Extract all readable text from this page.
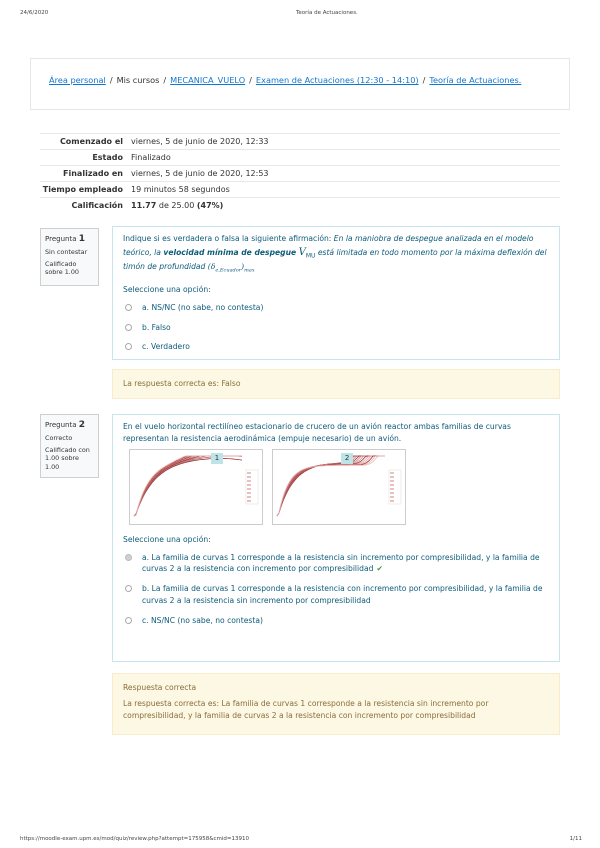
24/6/2020	Teoría de Actuaciones.
Área personal / Mis cursos / MECANICA_VUELO / Examen de Actuaciones (12:30 - 14:10) / Teoría de Actuaciones.
Comenzado el	viernes, 5 de junio de 2020, 12:33
Estado	Finalizado
Finalizado en	viernes, 5 de junio de 2020, 12:53
Tiempo empleado	19 minutos 58 segundos
Calificación	11.77 de 25.00 (47%)
Pregunta 1
Sin contestar
Calificado sobre 1.00
Indique si es verdadera o falsa la siguiente afirmación: En la maniobra de despegue analizada en el modelo teórico, la velocidad mínima de despegue $V_{MU}$ está limitada en todo momento por la máxima deflexión del timón de profundidad $(\delta_{e,Ecuador})_{max}$
Seleccione una opción:
a. NS/NC (no sabe, no contesta)
b. Falso
c. Verdadero
La respuesta correcta es: Falso
Pregunta 2
Correcto
Calificado con 1.00 sobre 1.00
En el vuelo horizontal rectilíneo estacionario de crucero de un avión reactor ambas familias de curvas representan la resistencia aerodinámica (empuje necesario) de un avión.
1
	2
Seleccione una opción:
a. La familia de curvas 1 corresponde a la resistencia sin incremento por compresibilidad, y la familia de curvas 2 a la resistencia con incremento por compresibilidad ✔
b. La familia de curvas 1 corresponde a la resistencia con incremento por compresibilidad, y la familia de curvas 2 a la resistencia sin incremento por compresibilidad
c. NS/NC (no sabe, no contesta)
Respuesta correcta
La respuesta correcta es: La familia de curvas 1 corresponde a la resistencia sin incremento por compresibilidad, y la familia de curvas 2 a la resistencia con incremento por compresibilidad
https://moodle-exam.upm.es/mod/quiz/review.php?attempt=175958&cmid=13910	1/11
